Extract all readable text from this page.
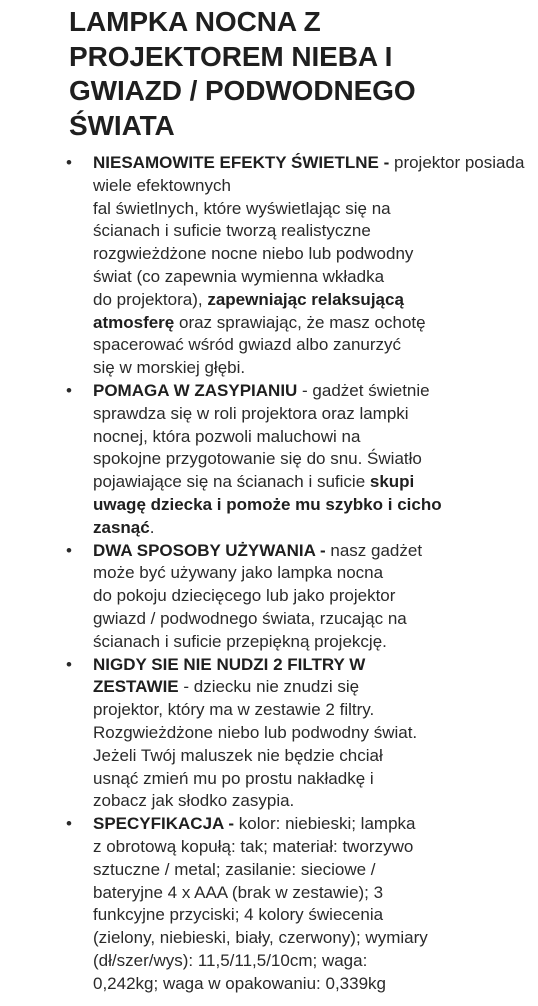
LAMPKA NOCNA Z PROJEKTOREM NIEBA I GWIAZD / PODWODNEGO ŚWIATA
• NIESAMOWITE EFEKTY ŚWIETLNE - projektor posiada wiele efektownych
fal świetlnych, które wyświetlając się na
ścianach i suficie tworzą realistyczne
rozgwieżdżone nocne niebo lub podwodny
świat (co zapewnia wymienna wkładka
do projektora), zapewniając relaksującą
atmosferę oraz sprawiając, że masz ochotę
spacerować wśród gwiazd albo zanurzyć
się w morskiej głębi.
• POMAGA W ZASYPIANIU - gadżet świetnie
sprawdza się w roli projektora oraz lampki
nocnej, która pozwoli maluchowi na
spokojne przygotowanie się do snu. Światło
pojawiające się na ścianach i suficie skupi
uwagę dziecka i pomoże mu szybko i cicho
zasnąć.
• DWA SPOSOBY UŻYWANIA - nasz gadżet
może być używany jako lampka nocna
do pokoju dziecięcego lub jako projektor
gwiazd / podwodnego świata, rzucając na
ścianach i suficie przepiękną projekcję.
• NIGDY SIE NIE NUDZI 2 FILTRY W
ZESTAWIE - dziecku nie znudzi się
projektor, który ma w zestawie 2 filtry.
Rozgwieżdżone niebo lub podwodny świat.
Jeżeli Twój maluszek nie będzie chciał
usnąć zmień mu po prostu nakładkę i
zobacz jak słodko zasypia.
• SPECYFIKACJA - kolor: niebieski; lampka
z obrotową kopułą: tak; materiał: tworzywo
sztuczne / metal; zasilanie: sieciowe /
bateryjne 4 x AAA (brak w zestawie); 3
funkcyjne przyciski; 4 kolory świecenia
(zielony, niebieski, biały, czerwony); wymiary
(dł/szer/wys): 11,5/11,5/10cm; waga:
0,242kg; waga w opakowaniu: 0,339kg
